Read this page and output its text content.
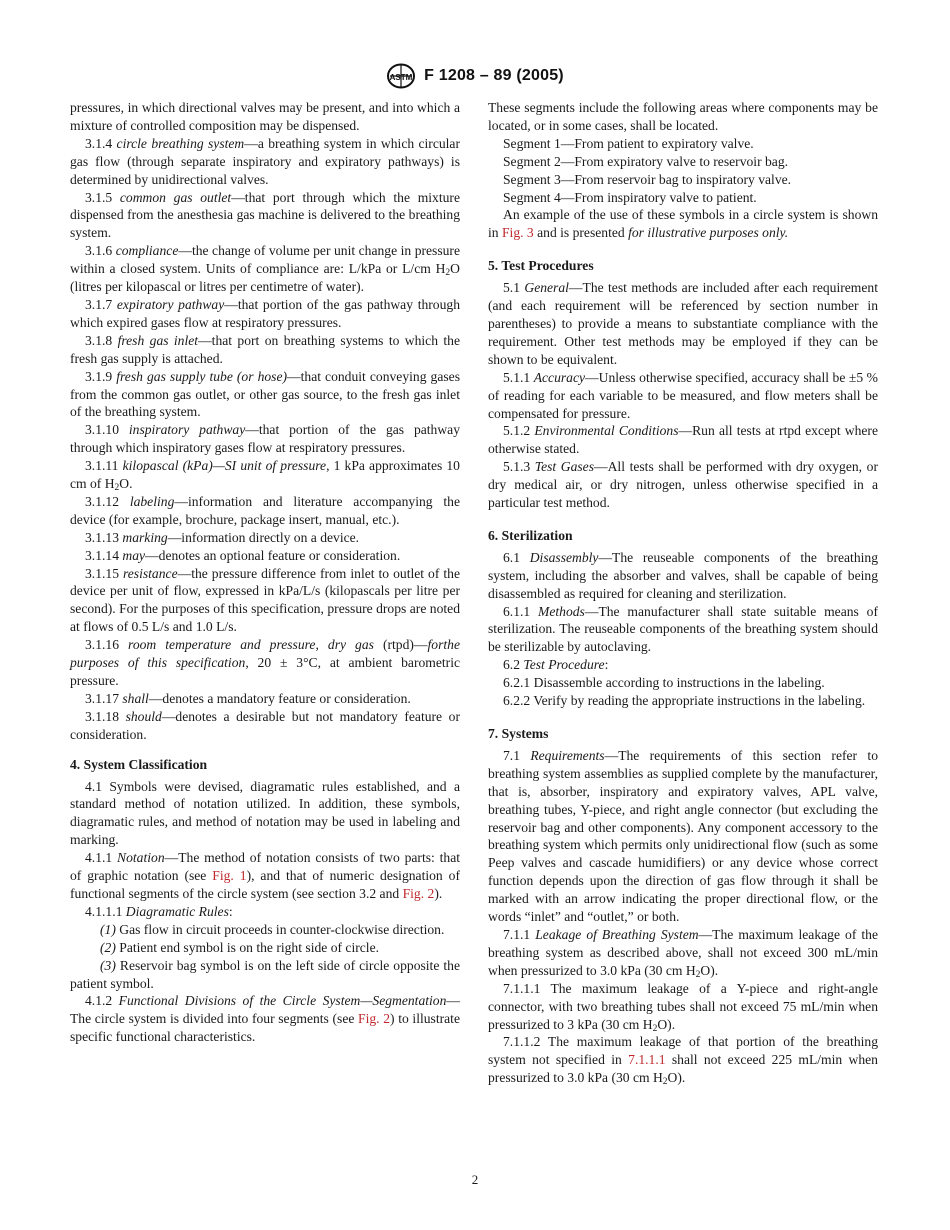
ASTM F 1208 – 89 (2005)

pressures, in which directional valves may be present, and into which a mixture of controlled composition may be dispensed.

3.1.4 circle breathing system—a breathing system in which circular gas flow (through separate inspiratory and expiratory pathways) is determined by unidirectional valves.

3.1.5 common gas outlet—that port through which the mixture dispensed from the anesthesia gas machine is delivered to the breathing system.

3.1.6 compliance—the change of volume per unit change in pressure within a closed system. Units of compliance are: L/kPa or L/cm $H_2O$ (litres per kilopascal or litres per centimetre of water).

3.1.7 expiratory pathway—that portion of the gas pathway through which expired gases flow at respiratory pressures.

3.1.8 fresh gas inlet—that port on breathing systems to which the fresh gas supply is attached.

3.1.9 fresh gas supply tube (or hose)—that conduit conveying gases from the common gas outlet, or other gas source, to the fresh gas inlet of the breathing system.

3.1.10 inspiratory pathway—that portion of the gas pathway through which inspiratory gases flow at respiratory pressures.

3.1.11 kilopascal (kPa)—SI unit of pressure, 1 kPa approximates 10 cm of $H_2O$.

3.1.12 labeling—information and literature accompanying the device (for example, brochure, package insert, manual, etc.).

3.1.13 marking—information directly on a device.

3.1.14 may—denotes an optional feature or consideration.

3.1.15 resistance—the pressure difference from inlet to outlet of the device per unit of flow, expressed in kPa/L/s (kilopascals per litre per second). For the purposes of this specification, pressure drops are noted at flows of 0.5 L/s and 1.0 L/s.

3.1.16 room temperature and pressure, dry gas (rtpd)—forthe purposes of this specification, 20 ± 3°C, at ambient barometric pressure.

3.1.17 shall—denotes a mandatory feature or consideration.

3.1.18 should—denotes a desirable but not mandatory feature or consideration.

4. System Classification

4.1 Symbols were devised, diagramatic rules established, and a standard method of notation utilized. In addition, these symbols, diagramatic rules, and method of notation may be used in labeling and marking.

4.1.1 Notation—The method of notation consists of two parts: that of graphic notation (see Fig. 1), and that of numeric designation of functional segments of the circle system (see section 3.2 and Fig. 2).

4.1.1.1 Diagramatic Rules:

(1) Gas flow in circuit proceeds in counter-clockwise direction.

(2) Patient end symbol is on the right side of circle.

(3) Reservoir bag symbol is on the left side of circle opposite the patient symbol.

4.1.2 Functional Divisions of the Circle System—Segmentation—The circle system is divided into four segments (see Fig. 2) to illustrate specific functional characteristics.

These segments include the following areas where components may be located, or in some cases, shall be located.

Segment 1—From patient to expiratory valve.

Segment 2—From expiratory valve to reservoir bag.

Segment 3—From reservoir bag to inspiratory valve.

Segment 4—From inspiratory valve to patient.

An example of the use of these symbols in a circle system is shown in Fig. 3 and is presented for illustrative purposes only.

5. Test Procedures

5.1 General—The test methods are included after each requirement (and each requirement will be referenced by section number in parentheses) to provide a means to substantiate compliance with the requirement. Other test methods may be employed if they can be shown to be equivalent.

5.1.1 Accuracy—Unless otherwise specified, accuracy shall be ±5 % of reading for each variable to be measured, and flow meters shall be compensated for pressure.

5.1.2 Environmental Conditions—Run all tests at rtpd except where otherwise stated.

5.1.3 Test Gases—All tests shall be performed with dry oxygen, or dry medical air, or dry nitrogen, unless otherwise specified in a particular test method.

6. Sterilization

6.1 Disassembly—The reuseable components of the breathing system, including the absorber and valves, shall be capable of being disassembled as required for cleaning and sterilization.

6.1.1 Methods—The manufacturer shall state suitable means of sterilization. The reuseable components of the breathing system should be sterilizable by autoclaving.

6.2 Test Procedure:

6.2.1 Disassemble according to instructions in the labeling.

6.2.2 Verify by reading the appropriate instructions in the labeling.

7. Systems

7.1 Requirements—The requirements of this section refer to breathing system assemblies as supplied complete by the manufacturer, that is, absorber, inspiratory and expiratory valves, APL valve, breathing tubes, Y-piece, and right angle connector (but excluding the reservoir bag and other components). Any component accessory to the breathing system which permits only unidirectional flow (such as some Peep valves and cascade humidifiers) or any device whose correct function depends upon the direction of gas flow through it shall be marked with an arrow indicating the proper directional flow, or the words “inlet” and “outlet,” or both.

7.1.1 Leakage of Breathing System—The maximum leakage of the breathing system as described above, shall not exceed 300 mL/min when pressurized to 3.0 kPa (30 cm $H_2O$).

7.1.1.1 The maximum leakage of a Y-piece and right-angle connector, with two breathing tubes shall not exceed 75 mL/min when pressurized to 3 kPa (30 cm $H_2O$).

7.1.1.2 The maximum leakage of that portion of the breathing system not specified in 7.1.1.1 shall not exceed 225 mL/min when pressurized to 3.0 kPa (30 cm $H_2O$).

2
